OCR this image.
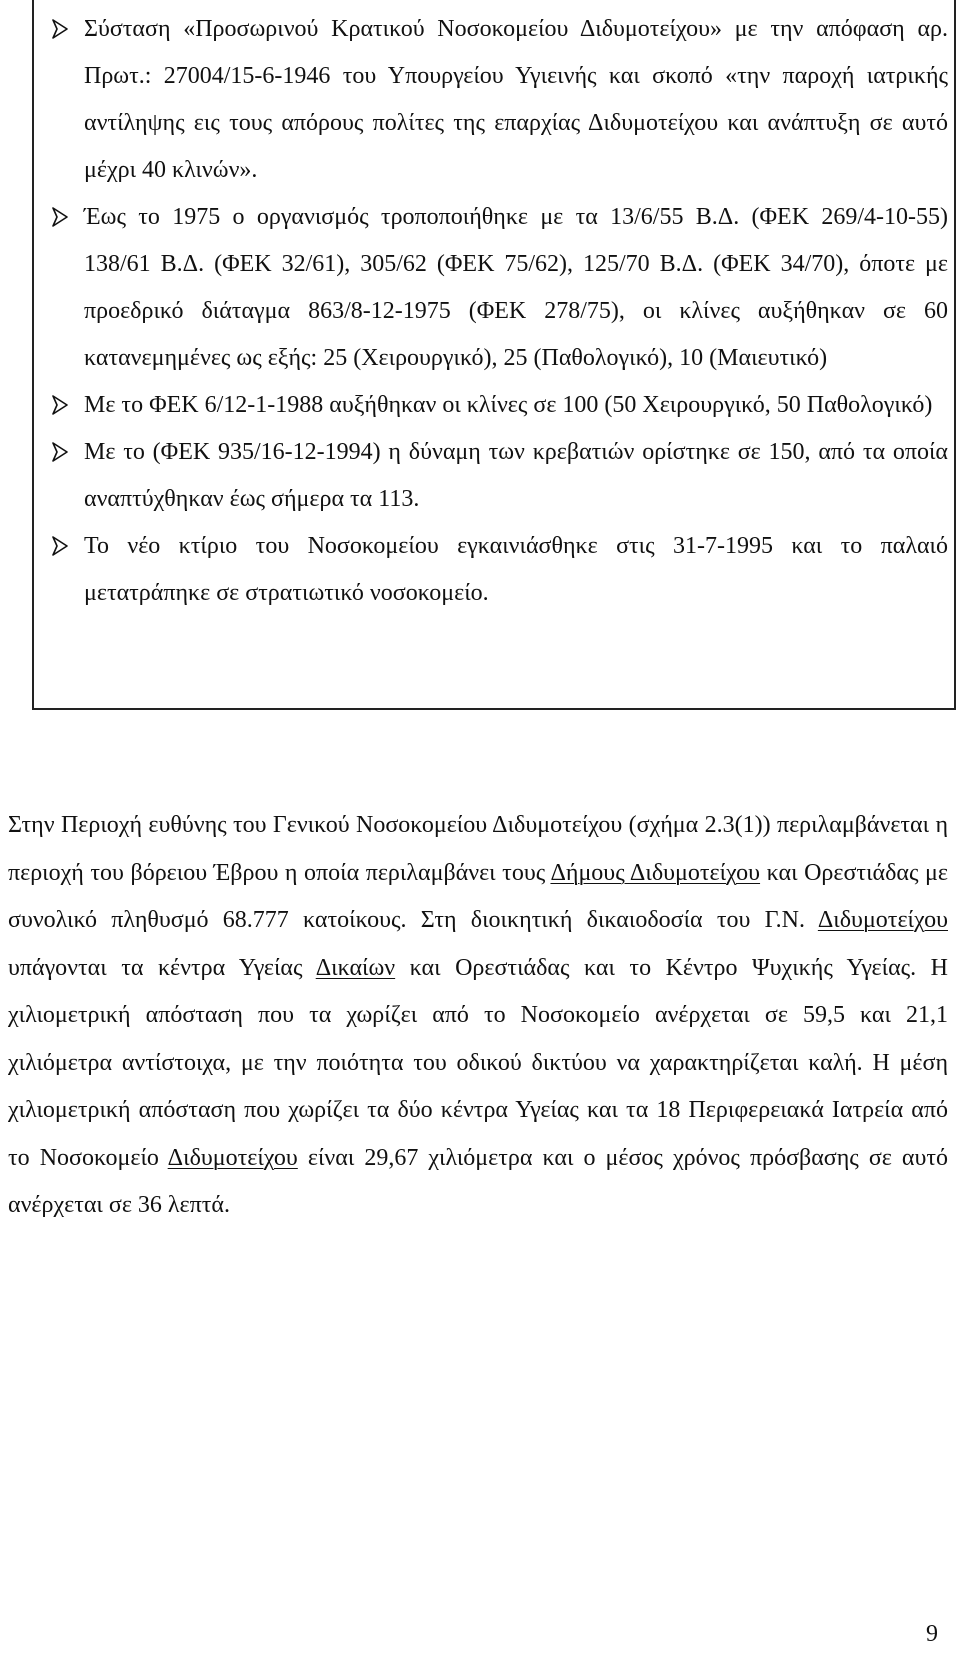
Σύσταση «Προσωρινού Κρατικού Νοσοκομείου Διδυμοτείχου» με την απόφαση αρ. Πρωτ.: 27004/15-6-1946 του Υπουργείου Υγιεινής και σκοπό «την παροχή ιατρικής αντίληψης εις τους απόρους πολίτες της επαρχίας Διδυμοτείχου και ανάπτυξη σε αυτό μέχρι 40 κλινών».
Έως το 1975 ο οργανισμός τροποποιήθηκε με τα 13/6/55 Β.Δ. (ΦΕΚ 269/4-10-55) 138/61 Β.Δ. (ΦΕΚ 32/61), 305/62 (ΦΕΚ 75/62), 125/70 Β.Δ. (ΦΕΚ 34/70), όποτε με προεδρικό διάταγμα 863/8-12-1975 (ΦΕΚ 278/75), οι κλίνες αυξήθηκαν σε 60 κατανεμημένες ως εξής: 25 (Χειρουργικό), 25 (Παθολογικό), 10 (Μαιευτικό)
Με το ΦΕΚ 6/12-1-1988 αυξήθηκαν οι κλίνες σε 100 (50 Χειρουργικό, 50 Παθολογικό)
Με το (ΦΕΚ 935/16-12-1994) η δύναμη των κρεβατιών ορίστηκε σε 150, από τα οποία αναπτύχθηκαν έως σήμερα τα 113.
Το νέο κτίριο του Νοσοκομείου εγκαινιάσθηκε στις 31-7-1995 και το παλαιό μετατράπηκε σε στρατιωτικό νοσοκομείο.

Στην Περιοχή ευθύνης του Γενικού Νοσοκομείου Διδυμοτείχου (σχήμα 2.3(1)) περιλαμβάνεται η περιοχή του βόρειου Έβρου η οποία περιλαμβάνει τους Δήμους Διδυμοτείχου και Ορεστιάδας με συνολικό πληθυσμό 68.777 κατοίκους. Στη διοικητική δικαιοδοσία του Γ.Ν. Διδυμοτείχου υπάγονται τα κέντρα Υγείας Δικαίων και Ορεστιάδας και το Κέντρο Ψυχικής Υγείας. Η χιλιομετρική απόσταση που τα χωρίζει από το Νοσοκομείο ανέρχεται σε 59,5 και 21,1 χιλιόμετρα αντίστοιχα, με την ποιότητα του οδικού δικτύου να χαρακτηρίζεται καλή. Η μέση χιλιομετρική απόσταση που χωρίζει τα δύο κέντρα Υγείας και τα 18 Περιφερειακά Ιατρεία από το Νοσοκομείο Διδυμοτείχου είναι 29,67 χιλιόμετρα και ο μέσος χρόνος πρόσβασης σε αυτό ανέρχεται σε 36 λεπτά.

9
